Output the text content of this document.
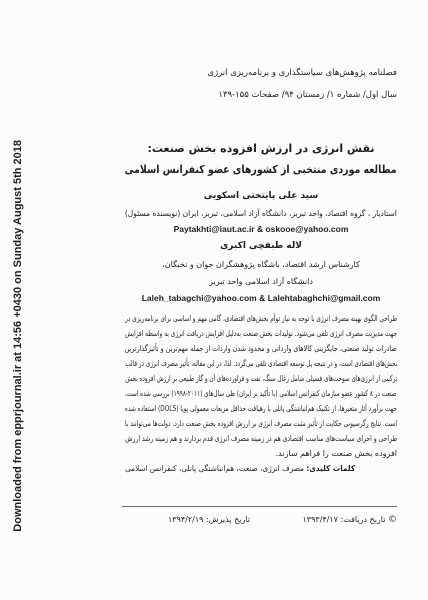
Downloaded from epprjournal.ir at 14:56 +0430 on Sunday August 5th 2018
فصلنامه پژوهش‌های سیاستگذاری و برنامه‌ریزی انرژی
سال اول/ شماره ۱/ زمستان ۹۴/ صفحات ۱۵۵-۱۳۹
نقش انرژی در ارزش افزوده بخش صنعت:
مطالعه موردی منتخبی از کشورهای عضو کنفرانس اسلامی
سید علی پایتختی اسکویی
استادیار ، گروه اقتصاد، واحد تبریز، دانشگاه آزاد اسلامی، تبریز، ایران (نویسنده مسئول)
Paytakhti@iaut.ac.ir & oskooe@yahoo.com
لاله طبقچی اکبری
کارشناس ارشد اقتصاد، باشگاه پژوهشگران جوان و نخبگان،
دانشگاه آزاد اسلامی واحد تبریز
Laleh_tabagchi@yahoo.com & Lalehtabaghchi@gmail.com
طراحی الگوی بهینه مصرف انرژی با توجه به نیاز توأم بخش‌های اقتصادی، گامی مهم و اساسی برای برنامه‌ریزی در
جهت مدیریت مصرف انرژی تلقی می‌شود. تولیدات بخش صنعت به‌دلیل افزایش دریافت انرژی به واسطه افزایش
صادرات تولید صنعتی، جایگزینی کالاهای وارداتی و محدود شدن واردات از جمله مهم‌ترین و تأثیرگذارترین
بخش‌های اقتصادی است، و در نتیجه پل توسعه اقتصادی تلقی می‌گردد. لذا، در این مقاله، تأثیر مصرف انرژی در قالب
ترکیبی از انرژی‌های سوخت‌های فسیلی شامل زغال سنگ، نفت و فراورده‌های آن و گاز طبیعی بر ارزش افزوده بخش
صنعت در ۸ کشور عضو سازمان کنفرانس اسلامی (با تأکید بر ایران) طی سال‌های (۲۰۱۱-۱۹۹۸) بررسی شده است.
جهت برآورد آثار متغیرها، از تکنیک هم‌انباشتگی پانلی با رهیافت حداقل مربعات معمولی پویا (DOLS) استفاده شده
است. نتایج رگرسیونی حکایت از تأثیر مثبت مصرف انرژی بر ارزش افزوده بخش صنعت دارد. دولت‌ها می‌توانند با
طراحی و اجرای سیاست‌های مناسب اقتصادی هم در زمینه مصرف انرژی قدم بردارند و هم زمینه رشد ارزش
افزوده بخش صنعت را فراهم سازند.
کلمات کلیدی: مصرف انرژی، صنعت، هم‌انباشتگی پانلی، کنفرانس اسلامی
© تاریخ دریافت: ۱۳۹۳/۴/۱۷
تاریخ پذیرش: ۱۳۹۴/۲/۱۹
